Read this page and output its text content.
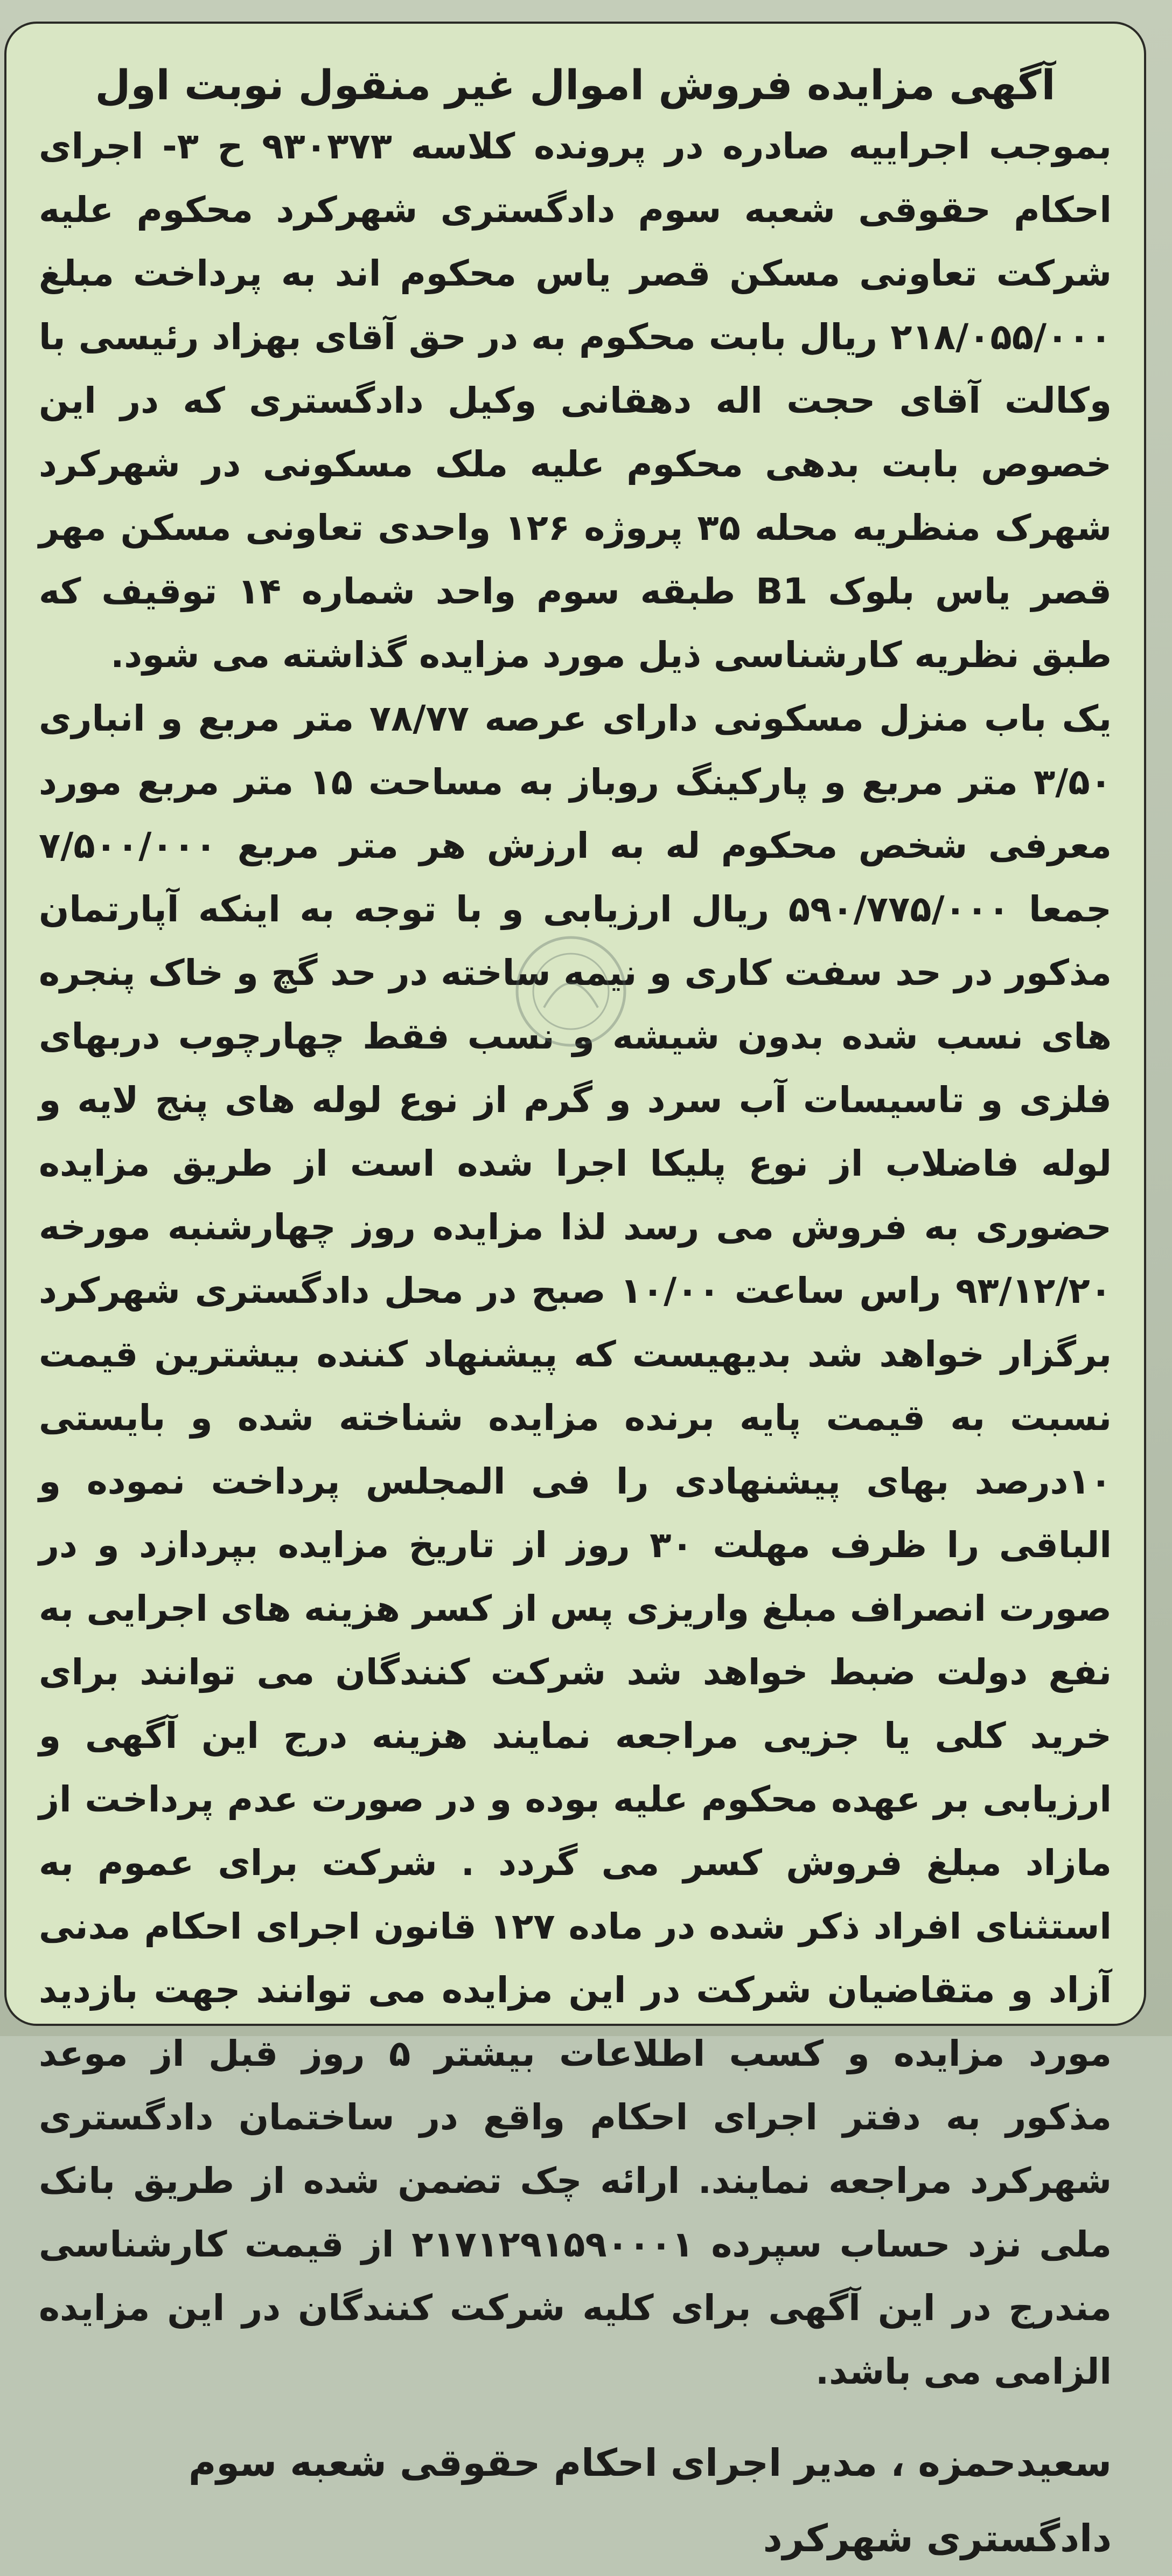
آگهی مزایده فروش اموال غیر منقول نوبت اول

بموجب اجراییه صادره در پرونده کلاسه ۹۳۰۳۷۳ ح ۳- اجرای احکام حقوقی شعبه سوم دادگستری شهرکرد محکوم علیه شرکت تعاونی مسکن قصر یاس محکوم اند به پرداخت مبلغ ۲۱۸/۰۵۵/۰۰۰ ریال بابت محکوم به در حق آقای بهزاد رئیسی با وکالت آقای حجت اله دهقانی وکیل دادگستری که در این خصوص بابت بدهی محکوم علیه ملک مسکونی در شهرکرد شهرک منظریه محله ۳۵ پروژه ۱۲۶ واحدی تعاونی مسکن مهر قصر یاس بلوک B1 طبقه سوم واحد شماره ۱۴ توقیف که طبق نظریه کارشناسی ذیل مورد مزایده گذاشته می شود.

یک باب منزل مسکونی دارای عرصه ۷۸/۷۷ متر مربع و انباری ۳/۵۰ متر مربع و پارکینگ روباز به مساحت ۱۵ متر مربع مورد معرفی شخص محکوم له به ارزش هر متر مربع ۷/۵۰۰/۰۰۰ جمعا ۵۹۰/۷۷۵/۰۰۰ ریال ارزیابی و با توجه به اینکه آپارتمان مذکور در حد سفت کاری و نیمه ساخته در حد گچ و خاک پنجره های نسب شده بدون شیشه و نسب فقط چهارچوب دربهای فلزی و تاسیسات آب سرد و گرم از نوع لوله های پنج لایه و لوله فاضلاب از نوع پلیکا اجرا شده است از طریق مزایده حضوری به فروش می رسد لذا مزایده روز چهارشنبه مورخه ۹۳/۱۲/۲۰ راس ساعت ۱۰/۰۰ صبح در محل دادگستری شهرکرد برگزار خواهد شد بدیهیست که پیشنهاد کننده بیشترین قیمت نسبت به قیمت پایه برنده مزایده شناخته شده و بایستی ۱۰درصد بهای پیشنهادی را فی المجلس پرداخت نموده و الباقی را ظرف مهلت ۳۰ روز از تاریخ مزایده بپردازد و در صورت انصراف مبلغ واریزی پس از کسر هزینه های اجرایی به نفع دولت ضبط خواهد شد شرکت کنندگان می توانند برای خرید کلی یا جزیی مراجعه نمایند هزینه درج این آگهی و ارزیابی بر عهده محکوم علیه بوده و در صورت عدم پرداخت از مازاد مبلغ فروش کسر می گردد . شرکت برای عموم به استثنای افراد ذکر شده در ماده ۱۲۷ قانون اجرای احکام مدنی آزاد و متقاضیان شرکت در این مزایده می توانند جهت بازدید مورد مزایده و کسب اطلاعات بیشتر ۵ روز قبل از موعد مذکور به دفتر اجرای احکام واقع در ساختمان دادگستری شهرکرد مراجعه نمایند. ارائه چک تضمن شده از طریق بانک ملی نزد حساب سپرده ۲۱۷۱۲۹۱۵۹۰۰۰۱ از قیمت کارشناسی مندرج در این آگهی برای کلیه شرکت کنندگان در این مزایده الزامی می باشد.

سعیدحمزه ، مدیر اجرای احکام حقوقی شعبه سوم
دادگستری شهرکرد
